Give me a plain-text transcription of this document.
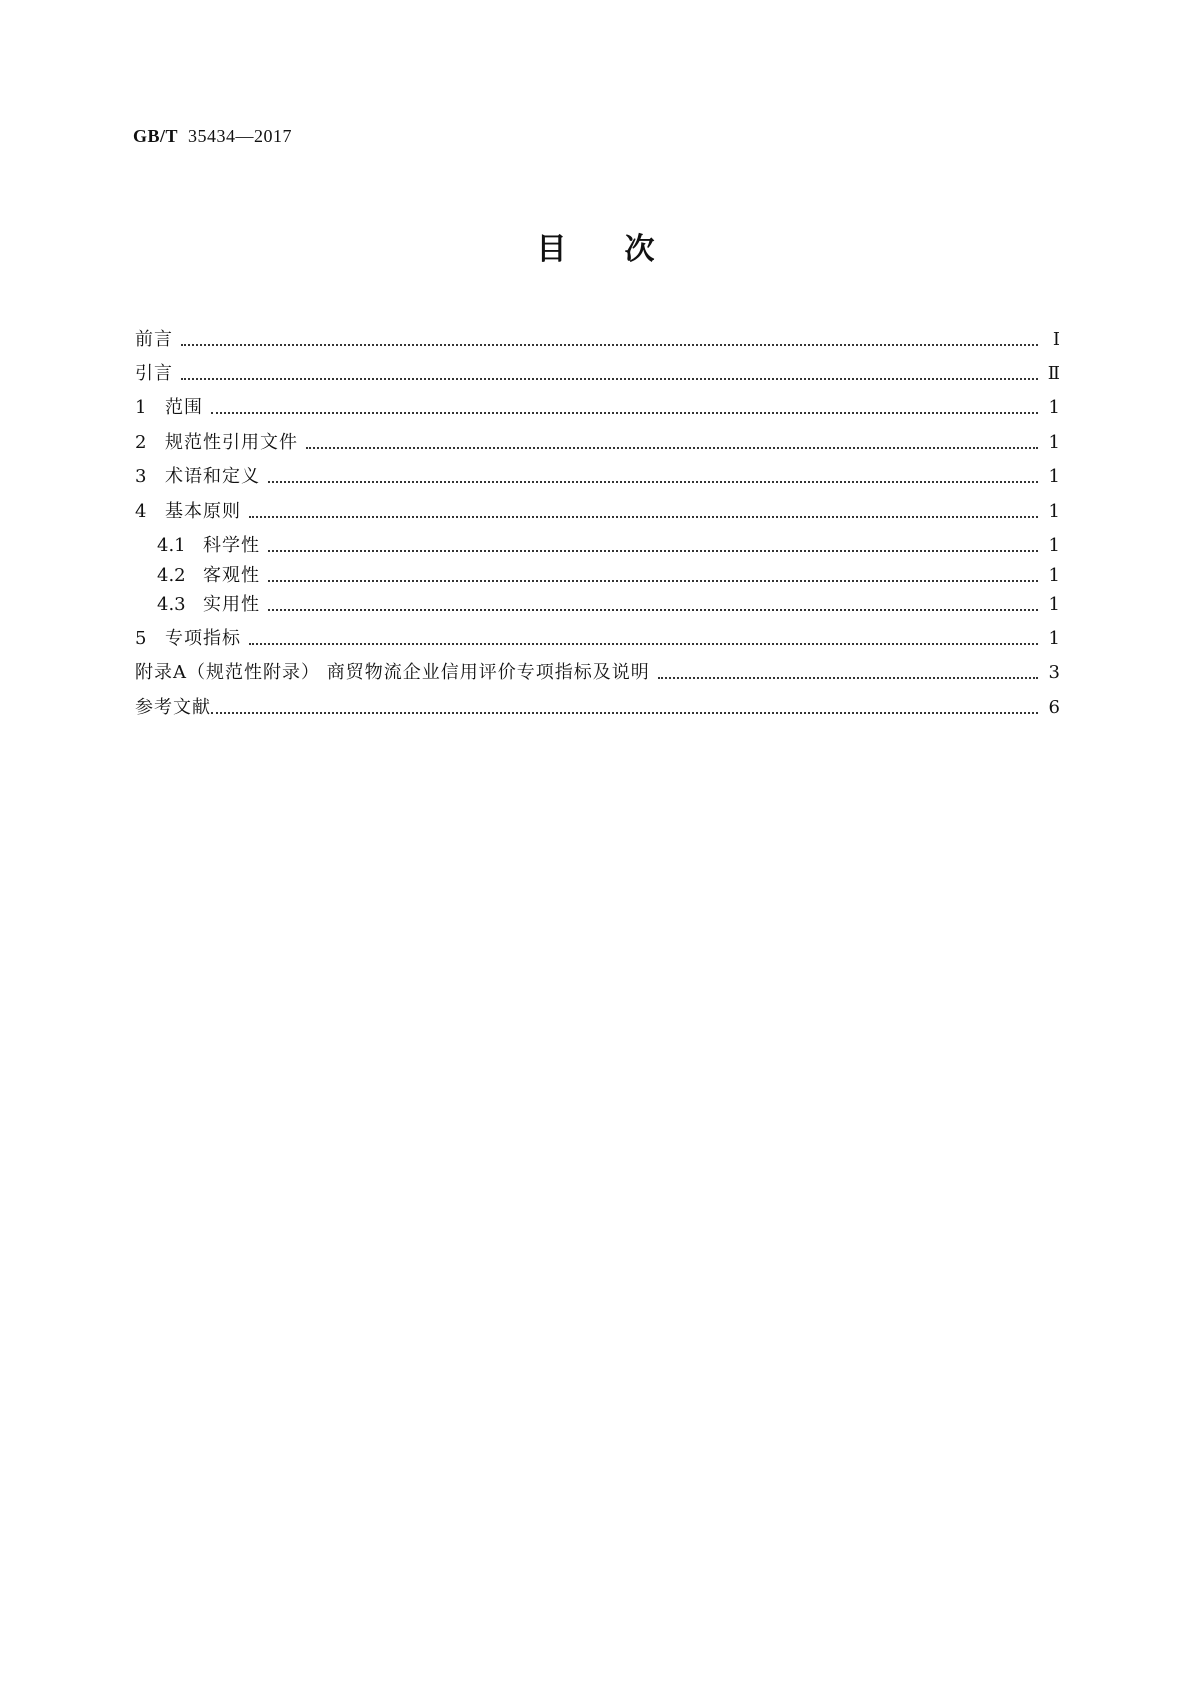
GB/T 35434—2017
目次
前言	Ⅰ
引言	Ⅱ
1	范围	1
2	规范性引用文件	1
3	术语和定义	1
4	基本原则	1
4.1 科学性	1
4.2 客观性	1
4.3 实用性	1
5	专项指标	1
附录A（规范性附录） 商贸物流企业信用评价专项指标及说明	3
参考文献	6
